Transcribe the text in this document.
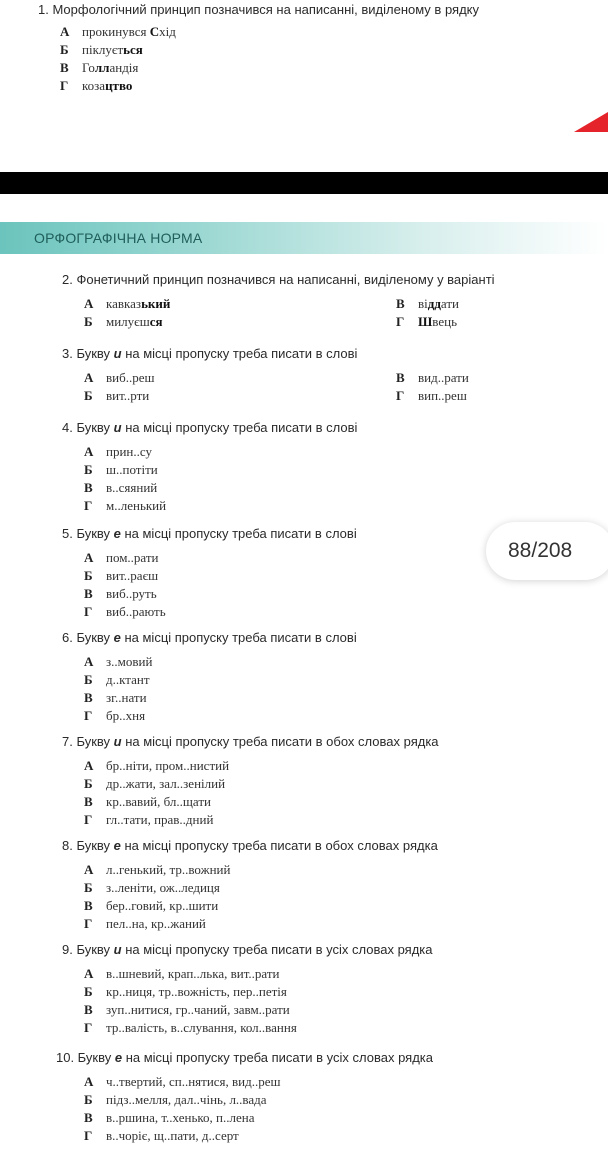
1. Морфологічний принцип позначився на написанні, виділеному в рядку
А прокинувся Схід
Б піклується
В Голландія
Г козацтво
ОРФОГРАФІЧНА НОРМА
2. Фонетичний принцип позначився на написанні, виділеному у варіанті
А кавказький
Б милуєшся
В віддати
Г Швець
3. Букву и на місці пропуску треба писати в слові
А виб..реш
Б вит..рти
В вид..рати
Г вип..реш
4. Букву и на місці пропуску треба писати в слові
А прин..су
Б ш..потіти
В в..сяяний
Г м..ленький
5. Букву е на місці пропуску треба писати в слові
А пом..рати
Б вит..раєш
В виб..руть
Г виб..рають
88/208
6. Букву е на місці пропуску треба писати в слові
А з..мовий
Б д..ктант
В зг..нати
Г бр..хня
7. Букву и на місці пропуску треба писати в обох словах рядка
А бр..ніти, пром..нистий
Б др..жати, зал..зенілий
В кр..вавий, бл..щати
Г гл..тати, прав..дний
8. Букву е на місці пропуску треба писати в обох словах рядка
А л..генький, тр..вожний
Б з..леніти, ож..ледиця
В бер..говий, кр..шити
Г пел..на, кр..жаний
9. Букву и на місці пропуску треба писати в усіх словах рядка
А в..шневий, крап..лька, вит..рати
Б кр..ниця, тр..вожність, пер..петія
В зуп..нитися, гр..чаний, завм..рати
Г тр..валість, в..слування, кол..вання
10. Букву е на місці пропуску треба писати в усіх словах рядка
А ч..твертий, сп..нятися, вид..реш
Б підз..мелля, дал..чінь, л..вада
В в..ршина, т..хенько, п..лена
Г в..чоріє, щ..пати, д..серт
